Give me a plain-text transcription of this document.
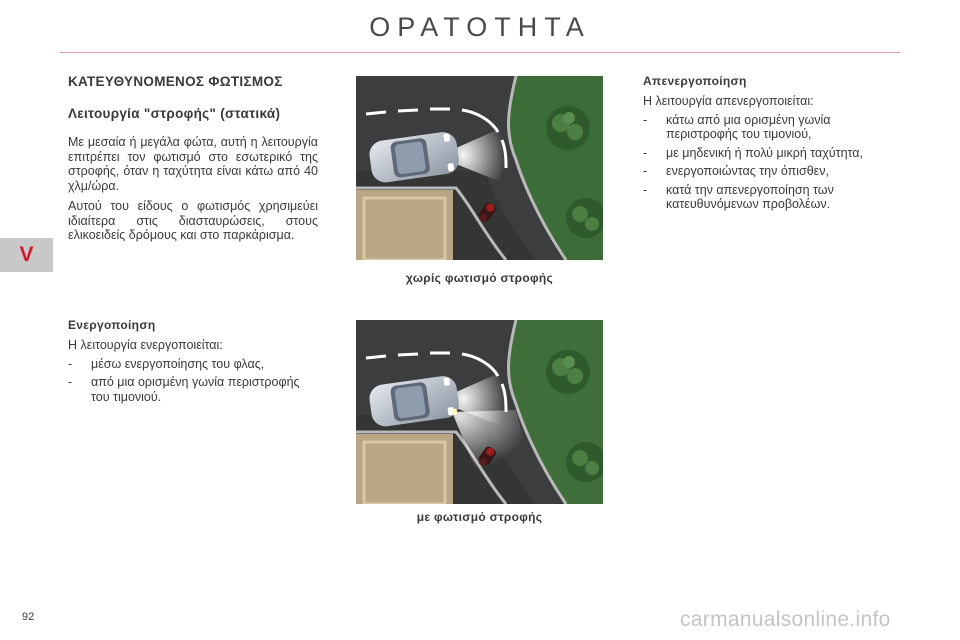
ΟΡΑΤΟΤΗΤΑ
V
ΚΑΤΕΥΘΥΝΟΜΕΝΟΣ ΦΩΤΙΣΜΟΣ
Λειτουργία "στροφής" (στατικά)

Με μεσαία ή μεγάλα φώτα, αυτή η λειτουργία επιτρέπει τον φωτισμό στο εσωτερικό της στροφής, όταν η ταχύτητα είναι κάτω από 40 χλμ/ώρα.

Αυτού του είδους ο φωτισμός χρησιμεύει ιδιαίτερα στις διασταυρώσεις, στους ελικοειδείς δρόμους και στο παρκάρισμα.

Ενεργοποίηση

Η λειτουργία ενεργοποιείται:

- μέσω ενεργοποίησης του φλας,
- από μια ορισμένη γωνία περιστροφής του τιμονιού.
χωρίς φωτισμό στροφής
με φωτισμό στροφής
Απενεργοποίηση

Η λειτουργία απενεργοποιείται:

- κάτω από μια ορισμένη γωνία περιστροφής του τιμονιού,
- με μηδενική ή πολύ μικρή ταχύτητα,
- ενεργοποιώντας την όπισθεν,
- κατά την απενεργοποίηση των κατευθυνόμενων προβολέων.
92	carmanualsonline.info
